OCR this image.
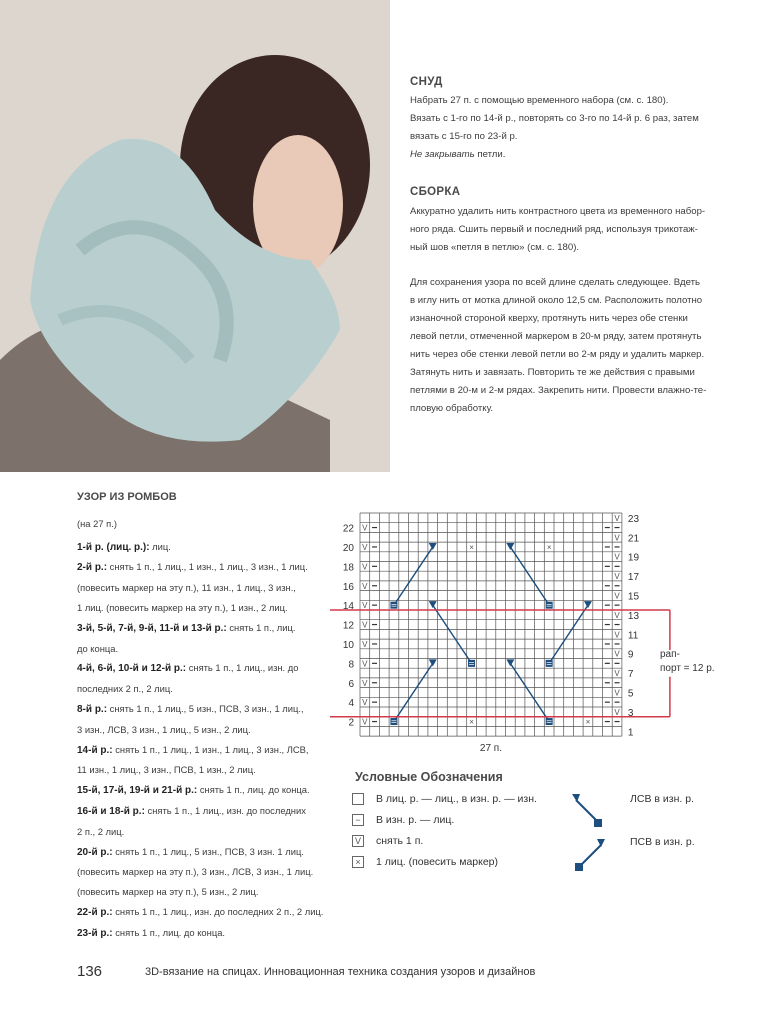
СНУД

Набрать 27 п. с помощью временного набора (см. с. 180).

Вязать с 1-го по 14-й р., повторять со 3-го по 14-й р. 6 раз, затем

вязать с 15-го по 23-й р.

Не закрывать петли.

СБОРКА

Аккуратно удалить нить контрастного цвета из временного набор-

ного ряда. Сшить первый и последний ряд, используя трикотаж-

ный шов «петля в петлю» (см. с. 180).

Для сохранения узора по всей длине сделать следующее. Вдеть

в иглу нить от мотка длиной около 12,5 см. Расположить полотно

изнаночной стороной кверху, протянуть нить через обе стенки

левой петли, отмеченной маркером в 20-м ряду, затем протянуть

нить через обе стенки левой петли во 2-м ряду и удалить маркер.

Затянуть нить и завязать. Повторить те же действия с правыми

петлями в 20-м и 2-м рядах. Закрепить нити. Провести влажно-те-

пловую обработку.

УЗОР ИЗ РОМБОВ
(на 27 п.)
1-й р. (лиц. р.): лиц.
2-й р.: снять 1 п., 1 лиц., 1 изн., 1 лиц., 3 изн., 1 лиц.
(повесить маркер на эту п.), 11 изн., 1 лиц., 3 изн.,
1 лиц. (повесить маркер на эту п.), 1 изн., 2 лиц.
3-й, 5-й, 7-й, 9-й, 11-й и 13-й р.: снять 1 п., лиц.
до конца.
4-й, 6-й, 10-й и 12-й р.: снять 1 п., 1 лиц., изн. до
последних 2 п., 2 лиц.
8-й р.: снять 1 п., 1 лиц., 5 изн., ПСВ, 3 изн., 1 лиц.,
3 изн., ЛСВ, 3 изн., 1 лиц., 5 изн., 2 лиц.
14-й р.: снять 1 п., 1 лиц., 1 изн., 1 лиц., 3 изн., ЛСВ,
11 изн., 1 лиц., 3 изн., ПСВ, 1 изн., 2 лиц.
15-й, 17-й, 19-й и 21-й р.: снять 1 п., лиц. до конца.
16-й и 18-й р.: снять 1 п., 1 лиц., изн. до последних
2 п., 2 лиц.
20-й р.: снять 1 п., 1 лиц., 5 изн., ПСВ, 3 изн. 1 лиц.
(повесить маркер на эту п.), 3 изн., ЛСВ, 3 изн., 1 лиц.
(повесить маркер на эту п.), 5 изн., 2 лиц.
22-й р.: снять 1 п., 1 лиц., изн. до последних 2 п., 2 лиц.
23-й р.: снять 1 п., лиц. до конца.
V
V
V
V
V
V
V
V
V
V
V
V
V
V
V
V
V
V
V
V
V
V
×	×
×	×
2
4
6
8
10
12
14
16
18
20
22
1
3
5
7
9
11
13
15
17
19
21
23
27 п.
рап-
порт = 12 р.
Условные Обозначения
В лиц. р. — лиц., в изн. р. — изн.
−	В изн. р. — лиц.
V снять 1 п.
×	1 лиц. (повесить маркер)
ЛСВ в изн. р.
ПСВ в изн. р.
136	3D-вязание на спицах. Инновационная техника создания узоров и дизайнов
